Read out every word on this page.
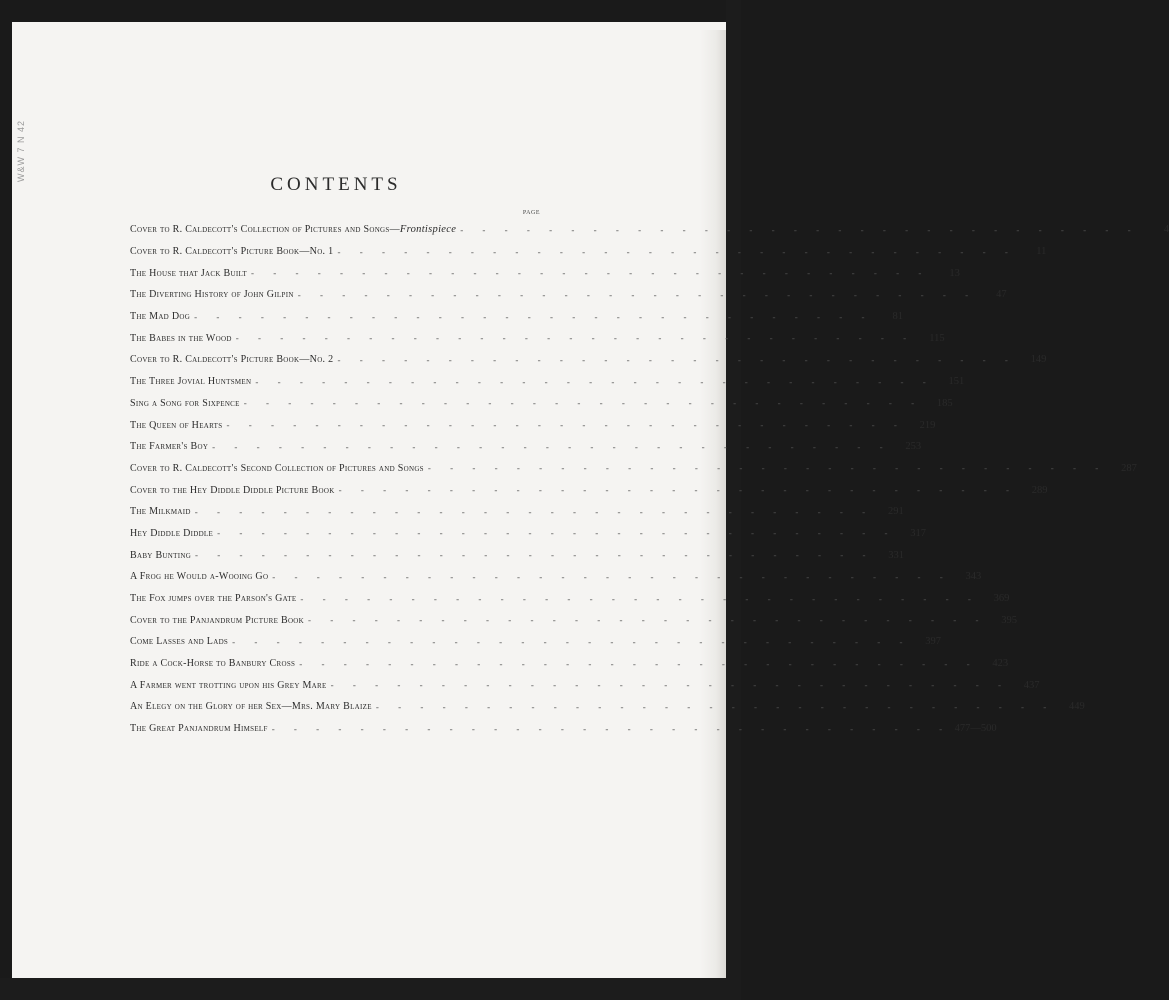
W&W 7 N 42
CONTENTS
PAGE
Cover to R. Caldecott's Collection of Pictures and Songs—Frontispiece - - - - - - - - - - - - - - - - - - - - - - - - - - - - - - -	4
Cover to R. Caldecott's Picture Book—No. 1 - - - - - - - - - - - - - - - - - - - - - - - - - - - - - - -	11
The House that Jack Built - - - - - - - - - - - - - - - - - - - - - - - - - - - - - - -	13
The Diverting History of John Gilpin - - - - - - - - - - - - - - - - - - - - - - - - - - - - - - -	47
The Mad Dog - - - - - - - - - - - - - - - - - - - - - - - - - - - - - - -	81
The Babes in the Wood - - - - - - - - - - - - - - - - - - - - - - - - - - - - - - -	115
Cover to R. Caldecott's Picture Book—No. 2 - - - - - - - - - - - - - - - - - - - - - - - - - - - - - - -	149
The Three Jovial Huntsmen - - - - - - - - - - - - - - - - - - - - - - - - - - - - - - -	151
Sing a Song for Sixpence - - - - - - - - - - - - - - - - - - - - - - - - - - - - - - -	185
The Queen of Hearts - - - - - - - - - - - - - - - - - - - - - - - - - - - - - - -	219
The Farmer's Boy - - - - - - - - - - - - - - - - - - - - - - - - - - - - - - -	253
Cover to R. Caldecott's Second Collection of Pictures and Songs - - - - - - - - - - - - - - - - - - - - - - - - - - - - - - -	287
Cover to the Hey Diddle Diddle Picture Book - - - - - - - - - - - - - - - - - - - - - - - - - - - - - - -	289
The Milkmaid - - - - - - - - - - - - - - - - - - - - - - - - - - - - - - -	291
Hey Diddle Diddle - - - - - - - - - - - - - - - - - - - - - - - - - - - - - - -	317
Baby Bunting - - - - - - - - - - - - - - - - - - - - - - - - - - - - - - -	331
A Frog he Would a-Wooing Go - - - - - - - - - - - - - - - - - - - - - - - - - - - - - - -	343
The Fox jumps over the Parson's Gate - - - - - - - - - - - - - - - - - - - - - - - - - - - - - - -	369
Cover to the Panjandrum Picture Book - - - - - - - - - - - - - - - - - - - - - - - - - - - - - - -	395
Come Lasses and Lads - - - - - - - - - - - - - - - - - - - - - - - - - - - - - - -	397
Ride a Cock-Horse to Banbury Cross - - - - - - - - - - - - - - - - - - - - - - - - - - - - - - -	423
A Farmer went trotting upon his Grey Mare - - - - - - - - - - - - - - - - - - - - - - - - - - - - - - -	437
An Elegy on the Glory of her Sex—Mrs. Mary Blaize - - - - - - - - - - - - - - - - - - - - - - - - - - - - - - -	449
The Great Panjandrum Himself - - - - - - - - - - - - - - - - - - - - - - - - - - - - - - - 477—500
